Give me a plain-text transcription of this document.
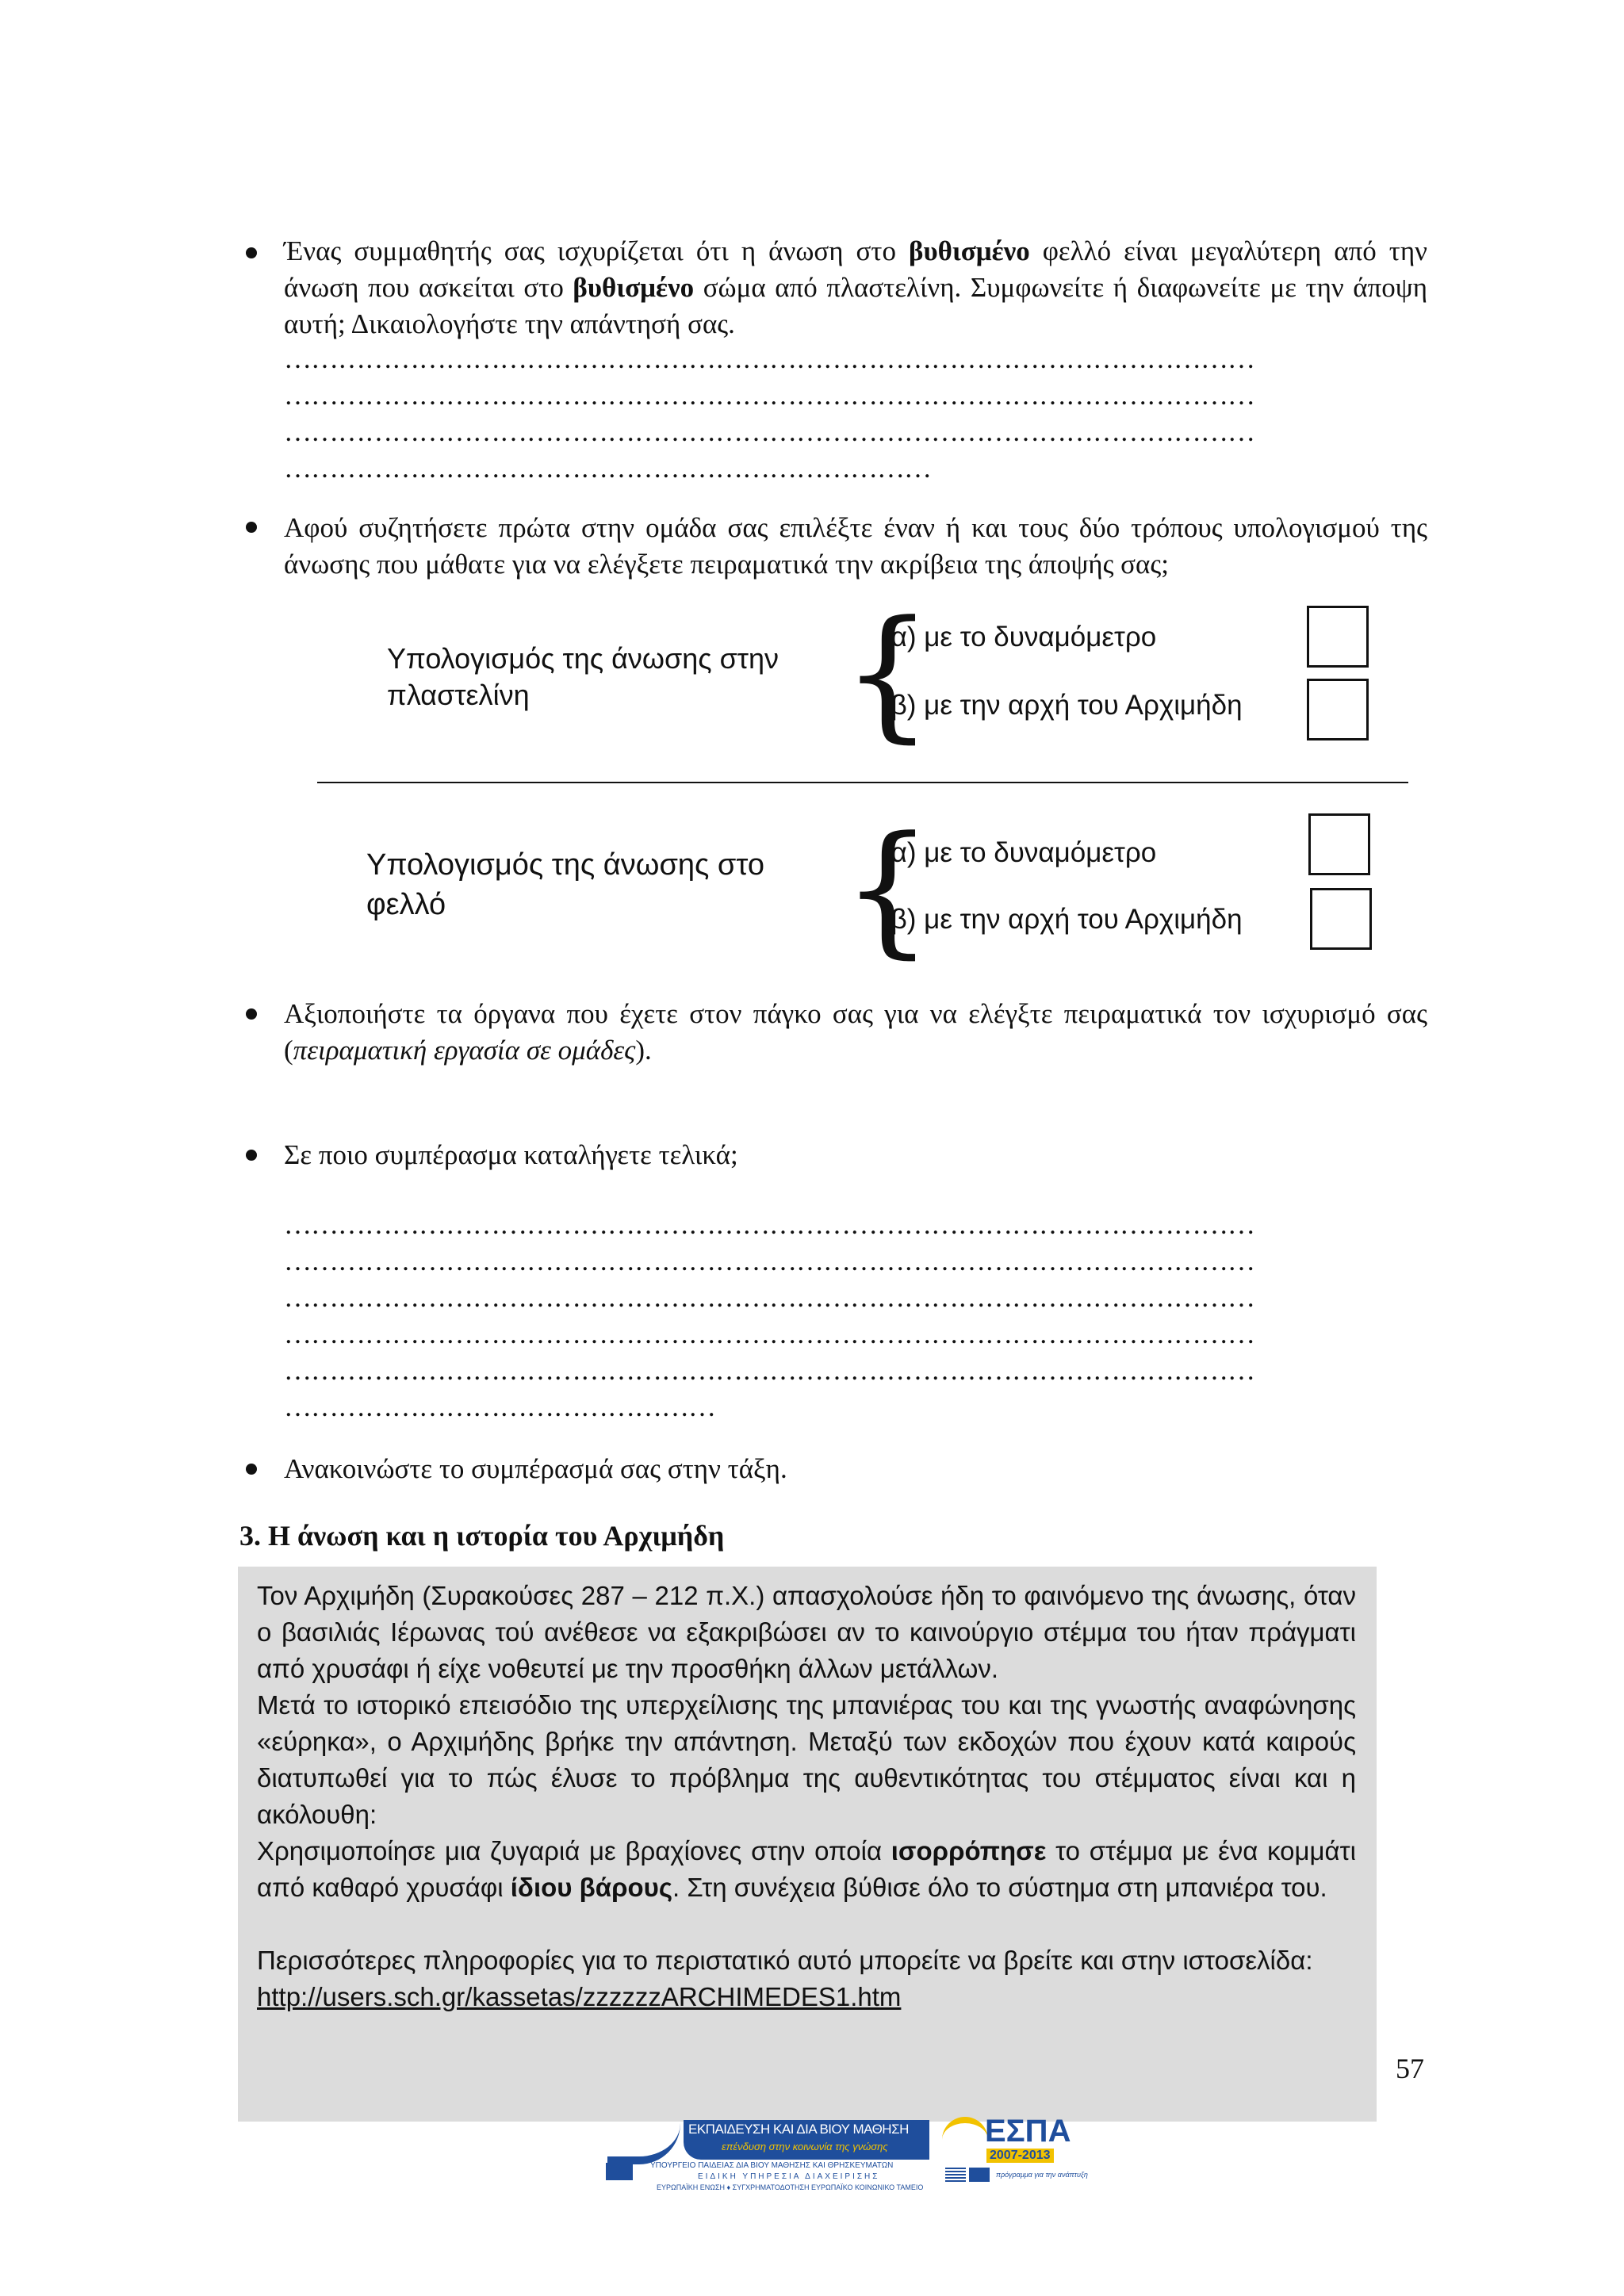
Ένας συμμαθητής σας ισχυρίζεται ότι η άνωση στο βυθισμένο φελλό είναι μεγαλύτερη από την άνωση που ασκείται στο βυθισμένο σώμα από πλαστελίνη. Συμφωνείτε ή διαφωνείτε με την άποψη αυτή; Δικαιολογήστε την απάντησή σας.
………………………………………………………………………………………………
………………………………………………………………………………………………
………………………………………………………………………………………………
………………………………………………………………
Αφού συζητήσετε πρώτα στην ομάδα σας επιλέξτε έναν ή και τους δύο τρόπους υπολογισμού της άνωσης που μάθατε για να ελέγξετε πειραματικά την ακρίβεια της άποψής σας;
Υπολογισμός της άνωσης στην πλαστελίνη	{
(α) με το δυναμόμετρο
(β) με την αρχή του Αρχιμήδη
Υπολογισμός της άνωσης στο φελλό	{
(α) με το δυναμόμετρο
(β) με την αρχή του Αρχιμήδη
Αξιοποιήστε τα όργανα που έχετε στον πάγκο σας για να ελέγξτε πειραματικά τον ισχυρισμό σας (πειραματική εργασία σε ομάδες).
Σε ποιο συμπέρασμα καταλήγετε τελικά;
………………………………………………………………………………………………
………………………………………………………………………………………………
………………………………………………………………………………………………
………………………………………………………………………………………………
………………………………………………………………………………………………
…………………………………………
Ανακοινώστε το συμπέρασμά σας στην τάξη.
3. Η άνωση και η ιστορία του Αρχιμήδη

Τον Αρχιμήδη (Συρακούσες 287 – 212 π.Χ.) απασχολούσε ήδη το φαινόμενο της άνωσης, όταν ο βασιλιάς Ιέρωνας τού ανέθεσε να εξακριβώσει αν το καινούργιο στέμμα του ήταν πράγματι από χρυσάφι ή είχε νοθευτεί με την προσθήκη άλλων μετάλλων.

Μετά το ιστορικό επεισόδιο της υπερχείλισης της μπανιέρας του και της γνωστής αναφώνησης «εύρηκα», ο Αρχιμήδης βρήκε την απάντηση. Μεταξύ των εκδοχών που έχουν κατά καιρούς διατυπωθεί για το πώς έλυσε το πρόβλημα της αυθεντικότητας του στέμματος είναι και η ακόλουθη:

Χρησιμοποίησε μια ζυγαριά με βραχίονες στην οποία ισορρόπησε το στέμμα με ένα κομμάτι από καθαρό χρυσάφι ίδιου βάρους. Στη συνέχεια βύθισε όλο το σύστημα στη μπανιέρα του.

Περισσότερες πληροφορίες για το περιστατικό αυτό μπορείτε να βρείτε και στην ιστοσελίδα:

http://users.sch.gr/kassetas/zzzzzzARCHIMEDES1.htm

57
ΕΚΠΑΙΔΕΥΣΗ ΚΑΙ ΔΙΑ ΒΙΟΥ ΜΑΘΗΣΗ
επένδυση στην κοινωνία της γνώσης
ΥΠΟΥΡΓΕΙΟ ΠΑΙΔΕΙΑΣ ΔΙΑ ΒΙΟΥ ΜΑΘΗΣΗΣ ΚΑΙ ΘΡΗΣΚΕΥΜΑΤΩΝ
ΕΙΔΙΚΗ ΥΠΗΡΕΣΙΑ ΔΙΑΧΕΙΡΙΣΗΣ
ΕΥΡΩΠΑΪΚΗ ΕΝΩΣΗ ♦ ΣΥΓΧΡΗΜΑΤΟΔΟΤΗΣΗ ΕΥΡΩΠΑΪΚΟ ΚΟΙΝΩΝΙΚΟ ΤΑΜΕΙΟ
ΕΣΠΑ
2007-2013
πρόγραμμα για την ανάπτυξη
